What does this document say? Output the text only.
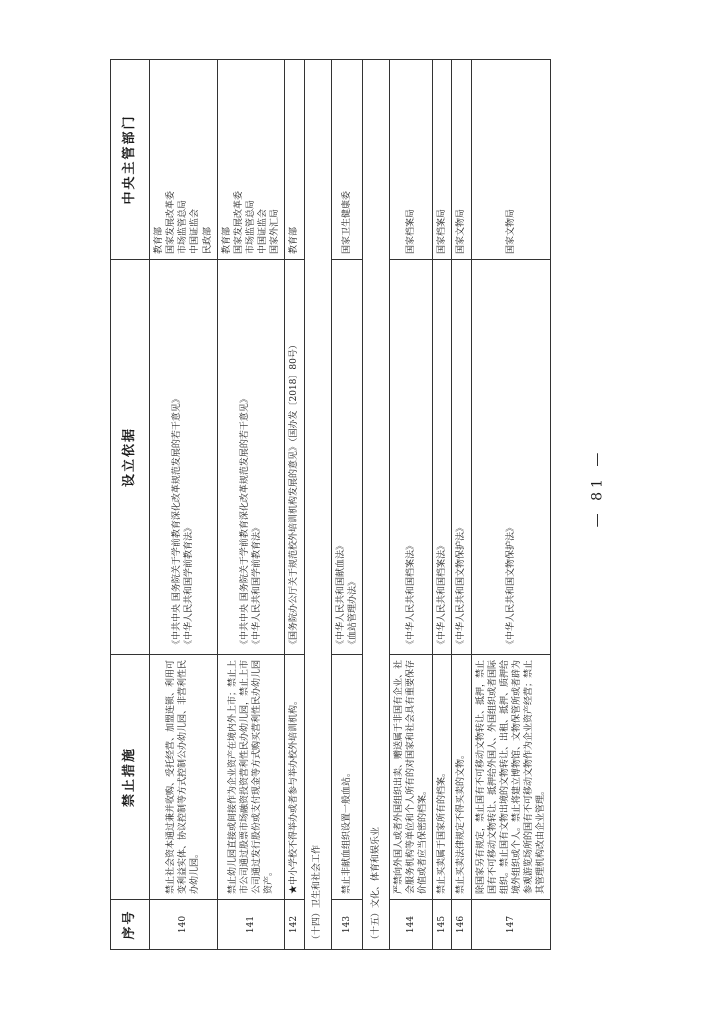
序号	禁止措施	设立依据	中央主管部门
140	禁止社会资本通过兼并收购、受托经营、加盟连锁、利用可变利益实体、协议控制等方式控制公办幼儿园、非营利性民办幼儿园。	《中共中央 国务院关于学前教育深化改革规范发展的若干意见》 《中华人民共和国学前教育法》	教育部 国家发展改革委 市场监管总局 中国证监会 民政部

141	禁止幼儿园直接或间接作为企业资产在境内外上市；禁止上市公司通过股票市场融资投资营利性民办幼儿园，禁止上市公司通过发行股份或支付现金等方式购买营利性民办幼儿园资产。	《中共中央 国务院关于学前教育深化改革规范发展的若干意见》 《中华人民共和国学前教育法》	教育部 国家发展改革委 市场监管总局 中国证监会 国家外汇局

142	★中小学校不得举办或者参与举办校外培训机构。	《国务院办公厅关于规范校外培训机构发展的意见》（国办发〔2018〕80号）	教育部

（十四）卫生和社会工作			
143	禁止非献血组织设置一般血站。	《中华人民共和国献血法》 《血站管理办法》	国家卫生健康委

（十五）文化、体育和娱乐业			
144	严禁向外国人或者外国组织出卖、赠送属于非国有企业、社会服务机构等单位和个人所有的对国家和社会具有重要保存价值或者应当保密的档案。	《中华人民共和国档案法》	国家档案局

145	禁止买卖属于国家所有的档案。	《中华人民共和国档案法》	国家档案局

146	禁止买卖法律规定不得买卖的文物。	《中华人民共和国文物保护法》	国家文物局

147	除国家另有规定，禁止国有不可移动文物转让、抵押，禁止国有不可移动文物转让、抵押给外国人、外国组织或者国际组织。禁止国有文物出境的文物转让、出租、抵押、质押给境外组织或个人。禁止将建立博物馆、文物保管所或者辟为参观游览场所的国有不可移动文物作为企业资产经营；禁止其管理机构改由企业管理。	《中华人民共和国文物保护法》	国家文物局
— 81 —
